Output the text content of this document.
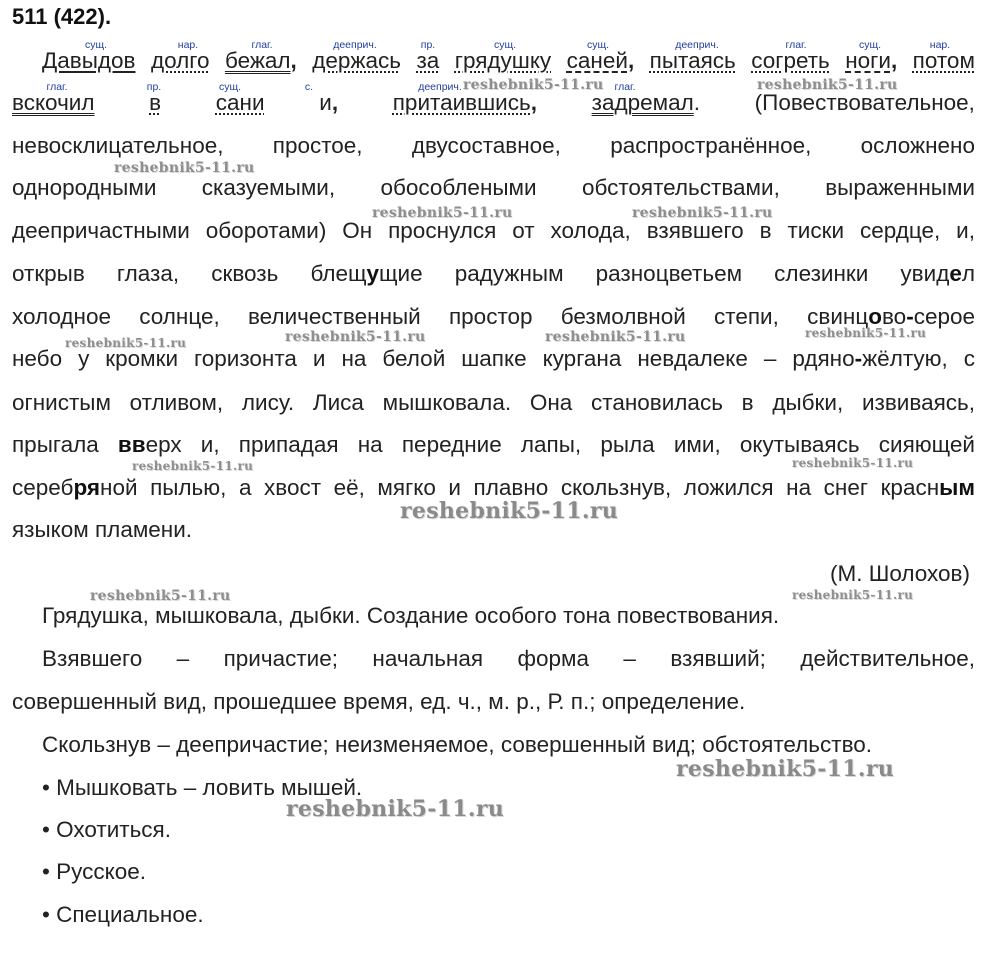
511 (422).
сущ.	нар.	глаг.	дееприч.	пр.	сущ.	сущ.	дееприч.	глаг.	сущ.	нар.
Давыдов долго бежал, держась за грядушку саней, пытаясь согреть ноги, потом
глаг.	пр.	сущ.	с.	дееприч.	глаг.
вскочил в сани и, притаившись, задремал. (Повествовательное,
невосклицательное, простое, двусоставное, распространённое, осложнено
однородными сказуемыми, обособлеными обстоятельствами, выраженными
деепричастными оборотами) Он проснулся от холода, взявшего в тиски сердце, и,
открыв глаза, сквозь блещущие радужным разноцветьем слезинки увидел
холодное солнце, величественный простор безмолвной степи, свинцово-серое
небо у кромки горизонта и на белой шапке кургана невдалеке – рдяно-жёлтую, с
огнистым отливом, лису. Лиса мышковала. Она становилась в дыбки, извиваясь,
прыгала вверх и, припадая на передние лапы, рыла ими, окутываясь сияющей
серебряной пылью, а хвост её, мягко и плавно скользнув, ложился на снег красным
языком пламени.
(М. Шолохов)
Грядушка, мышковала, дыбки. Создание особого тона повествования.
Взявшего – причастие; начальная форма – взявший; действительное,
совершенный вид, прошедшее время, ед. ч., м. р., Р. п.; определение.
Скользнув – деепричастие; неизменяемое, совершенный вид; обстоятельство.
• Мышковать – ловить мышей.
• Охотиться.
• Русское.
• Специальное.
reshebnik5-11.ru	reshebnik5-11.ru
reshebnik5-11.ru
reshebnik5-11.ru	reshebnik5-11.ru
reshebnik5-11.ru	reshebnik5-11.ru	reshebnik5-11.ru
reshebnik5-11.ru
reshebnik5-11.ru	reshebnik5-11.ru
reshebnik5-11.ru
reshebnik5-11.ru	reshebnik5-11.ru
reshebnik5-11.ru
reshebnik5-11.ru
